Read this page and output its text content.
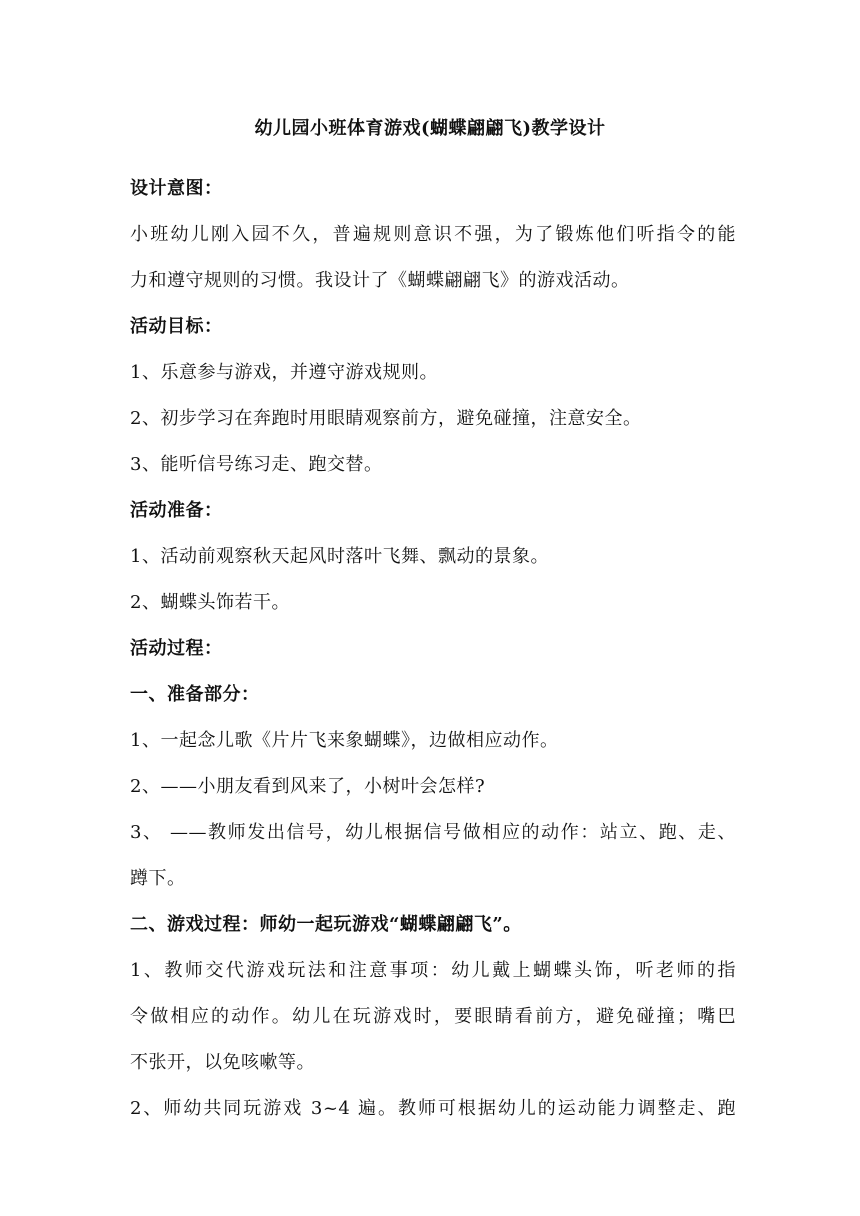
幼儿园小班体育游戏(蝴蝶翩翩飞)教学设计
设计意图：
小班幼儿刚入园不久，普遍规则意识不强，为了锻炼他们听指令的能
力和遵守规则的习惯。我设计了《蝴蝶翩翩飞》的游戏活动。
活动目标：
1、乐意参与游戏，并遵守游戏规则。
2、初步学习在奔跑时用眼睛观察前方，避免碰撞，注意安全。
3、能听信号练习走、跑交替。
活动准备：
1、活动前观察秋天起风时落叶飞舞、飘动的景象。
2、蝴蝶头饰若干。
活动过程：
一、准备部分：
1、一起念儿歌《片片飞来象蝴蝶》，边做相应动作。
2、——小朋友看到风来了，小树叶会怎样?
3、 ——教师发出信号，幼儿根据信号做相应的动作：站立、跑、走、
蹲下。
二、游戏过程：师幼一起玩游戏“蝴蝶翩翩飞”。
1、教师交代游戏玩法和注意事项：幼儿戴上蝴蝶头饰，听老师的指
令做相应的动作。幼儿在玩游戏时，要眼睛看前方，避免碰撞；嘴巴
不张开，以免咳嗽等。
2、师幼共同玩游戏 3~4 遍。教师可根据幼儿的运动能力调整走、跑
